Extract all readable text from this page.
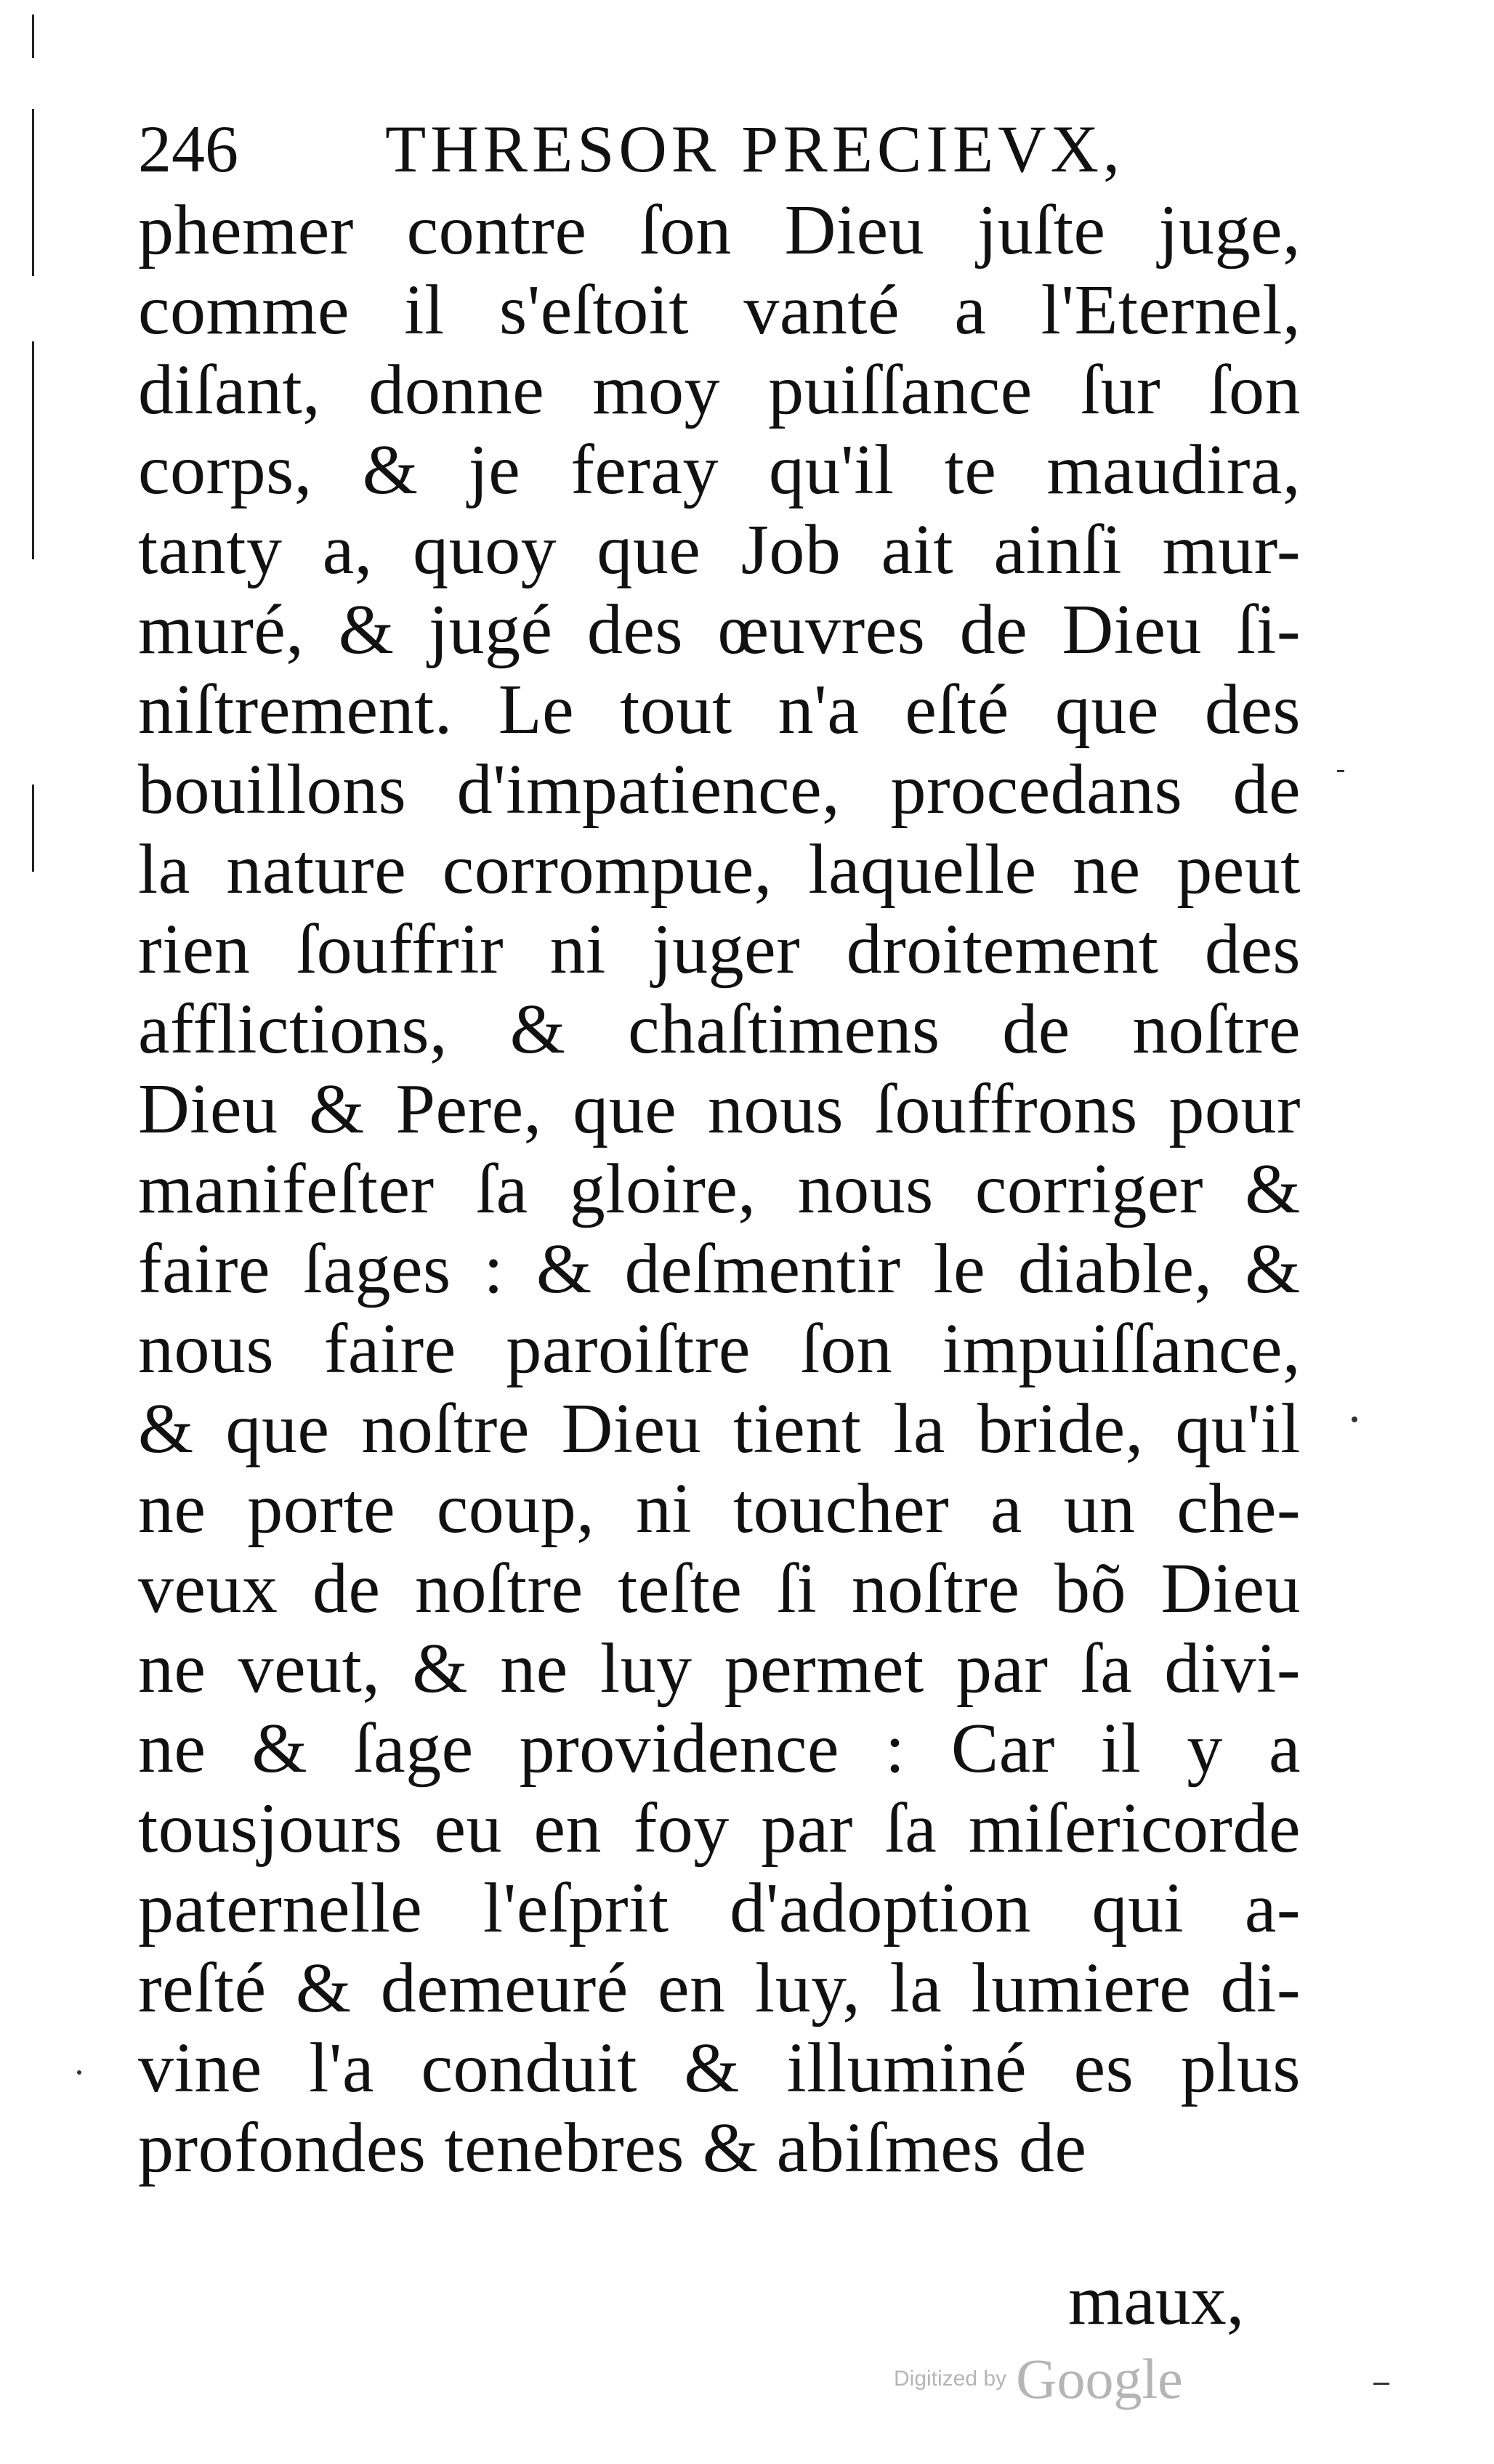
246 THRESOR PRECIEVX,
phemer contre ſon Dieu juſte juge,
comme il s'eſtoit vanté a l'Eternel,
diſant, donne moy puiſſance ſur ſon
corps, & je feray qu'il te maudira,
tanty a, quoy que Job ait ainſi mur-
muré, & jugé des œuvres de Dieu ſi-
niſtrement. Le tout n'a eſté que des
bouillons d'impatience, procedans de
la nature corrompue, laquelle ne peut
rien ſouffrir ni juger droitement des
afflictions, & chaſtimens de noſtre
Dieu & Pere, que nous ſouffrons pour
manifeſter ſa gloire, nous corriger &
faire ſages : & deſmentir le diable, &
nous faire paroiſtre ſon impuiſſance,
& que noſtre Dieu tient la bride, qu'il
ne porte coup, ni toucher a un che-
veux de noſtre teſte ſi noſtre bõ Dieu
ne veut, & ne luy permet par ſa divi-
ne & ſage providence : Car il y a
tousjours eu en foy par ſa miſericorde
paternelle l'eſprit d'adoption qui a-
reſté & demeuré en luy, la lumiere di-
vine l'a conduit & illuminé es plus
profondes tenebres & abiſmes de
maux,
Digitized by Google
